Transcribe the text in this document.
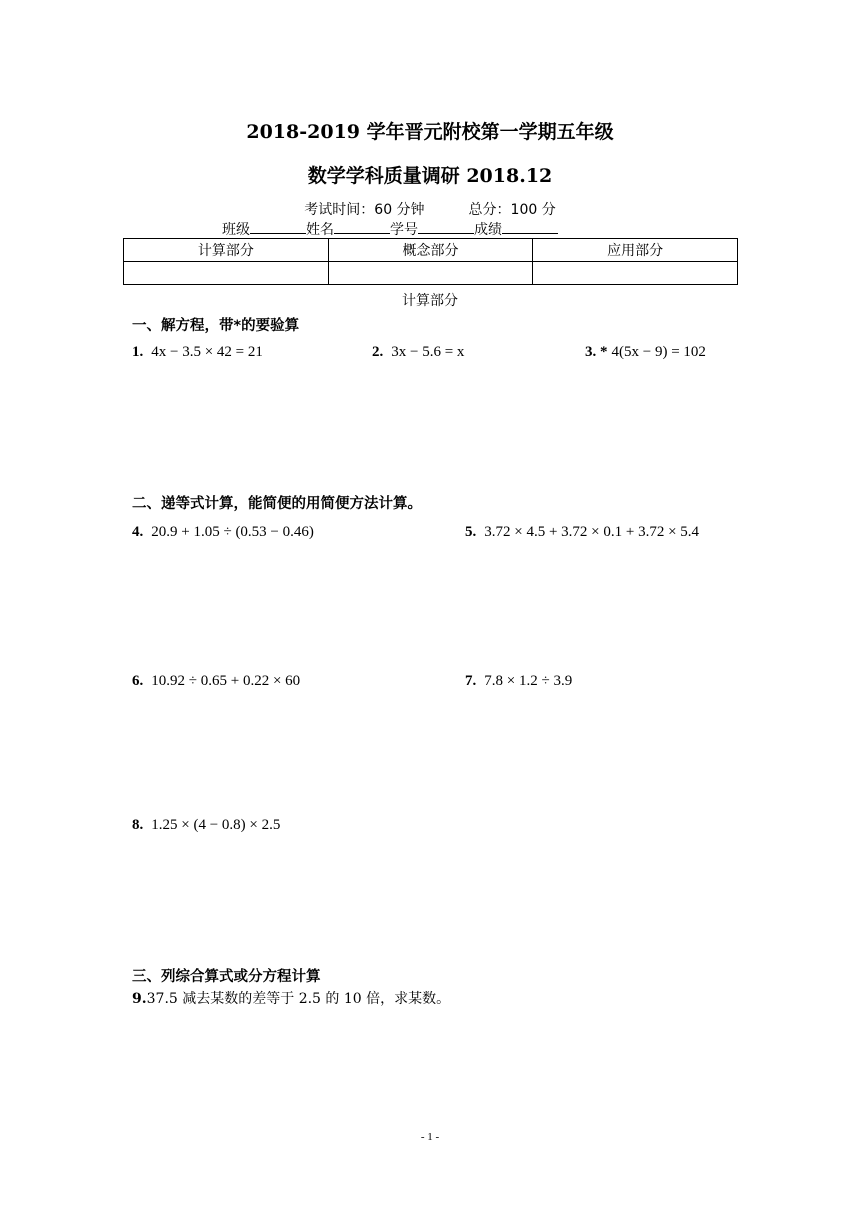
2018-2019 学年晋元附校第一学期五年级
数学学科质量调研 2018.12
考试时间：60 分钟	总分：100 分
班级	姓名	学号	成绩
计算部分	概念部分	应用部分

计算部分
一、解方程，带*的要验算
1. 4x − 3.5 × 42 = 21	2. 3x − 5.6 = x	3. * 4(5x − 9) = 102
二、递等式计算，能简便的用简便方法计算。
4. 20.9 + 1.05 ÷ (0.53 − 0.46)	5. 3.72 × 4.5 + 3.72 × 0.1 + 3.72 × 5.4
6. 10.92 ÷ 0.65 + 0.22 × 60	7. 7.8 × 1.2 ÷ 3.9
8. 1.25 × (4 − 0.8) × 2.5
三、列综合算式或分方程计算
9.37.5 减去某数的差等于 2.5 的 10 倍，求某数。
- 1 -
